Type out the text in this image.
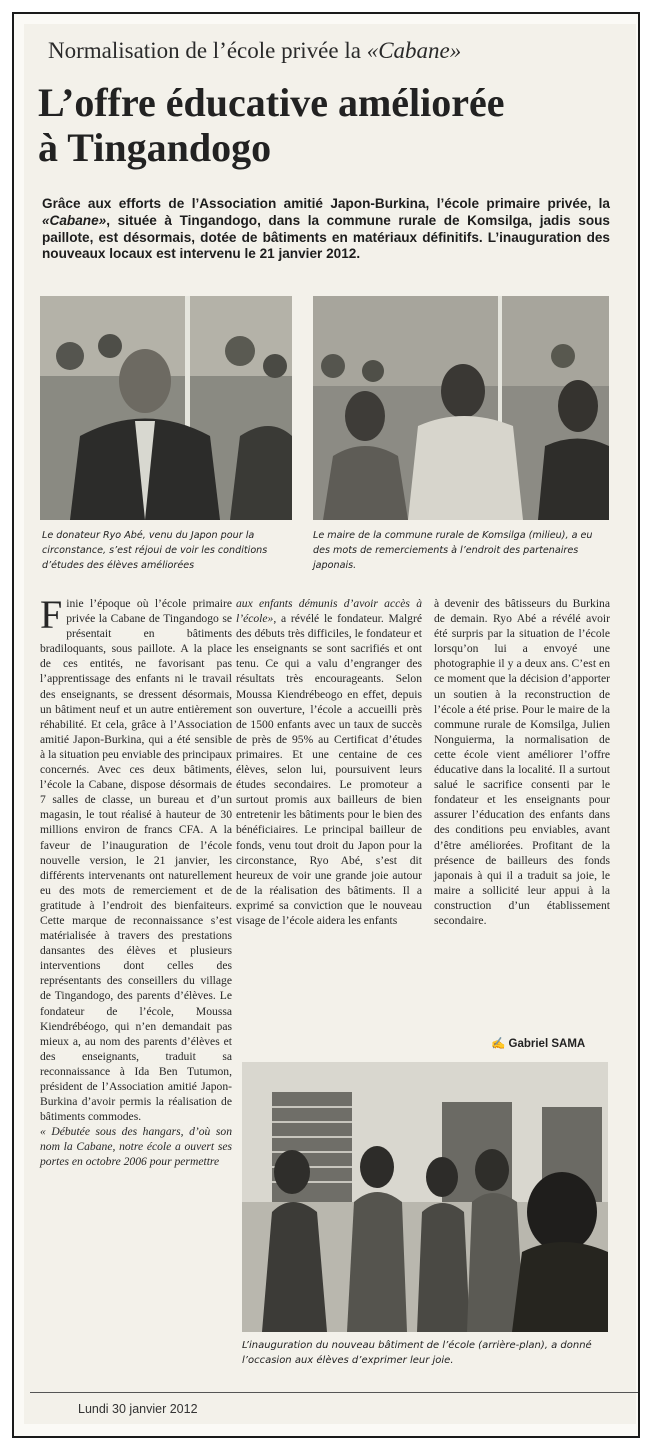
Normalisation de l’école privée la «Cabane»
L’offre éducative améliorée
à Tingandogo
Grâce aux efforts de l’Association amitié Japon-Burkina, l’école primaire privée, la «Cabane», située à Tingandogo, dans la commune rurale de Komsilga, jadis sous paillote, est désormais, dotée de bâtiments en matériaux définitifs. L’inauguration des nouveaux locaux est intervenu le 21 janvier 2012.
Le donateur Ryo Abé, venu du Japon pour la circonstance, s’est réjoui de voir les conditions d’études des élèves améliorées
Le maire de la commune rurale de Komsilga (milieu), a eu des mots de remerciements à l’endroit des partenaires japonais.

Finie l’époque où l’école primaire privée la Cabane de Tingandogo se présentait en bâtiments bradiloquants, sous paillote. A la place de ces entités, ne favorisant pas l’apprentissage des enfants ni le travail des enseignants, se dressent désormais, un bâtiment neuf et un autre entièrement réhabilité. Et cela, grâce à l’Association amitié Japon-Burkina, qui a été sensible à la situation peu enviable des principaux concernés. Avec ces deux bâtiments, l’école la Cabane, dispose désormais de 7 salles de classe, un bureau et d’un magasin, le tout réalisé à hauteur de 30 millions environ de francs CFA. A la faveur de l’inauguration de l’école nouvelle version, le 21 janvier, les différents intervenants ont naturellement eu des mots de remerciement et de gratitude à l’endroit des bienfaiteurs. Cette marque de reconnaissance s’est matérialisée à travers des prestations dansantes des élèves et plusieurs interventions dont celles des représentants des conseillers du village de Tingandogo, des parents d’élèves. Le fondateur de l’école, Moussa Kiendrébéogo, qui n’en demandait pas mieux a, au nom des parents d’élèves et des enseignants, traduit sa reconnaissance à Ida Ben Tutumon, président de l’Association amitié Japon-Burkina d’avoir permis la réalisation de bâtiments commodes.
« Débutée sous des hangars, d’où son nom la Cabane, notre école a ouvert ses portes en octobre 2006 pour permettre

aux enfants démunis d’avoir accès à l’école», a révélé le fondateur. Malgré des débuts très difficiles, le fondateur et les enseignants se sont sacrifiés et ont tenu. Ce qui a valu d’engranger des résultats très encourageants. Selon Moussa Kiendrébeogo en effet, depuis son ouverture, l’école a accueilli près de 1500 enfants avec un taux de succès de près de 95% au Certificat d’études primaires. Et une centaine de ces élèves, selon lui, poursuivent leurs études secondaires. Le promoteur a surtout promis aux bailleurs de bien entretenir les bâtiments pour le bien des bénéficiaires. Le principal bailleur de fonds, venu tout droit du Japon pour la circonstance, Ryo Abé, s’est dit heureux de voir une grande joie autour de la réalisation des bâtiments. Il a exprimé sa conviction que le nouveau visage de l’école aidera les enfants

à devenir des bâtisseurs du Burkina de demain. Ryo Abé a révélé avoir été surpris par la situation de l’école lorsqu’on lui a envoyé une photographie il y a deux ans. C’est en ce moment que la décision d’apporter un soutien à la reconstruction de l’école a été prise. Pour le maire de la commune rurale de Komsilga, Julien Nonguierma, la normalisation de cette école vient améliorer l’offre éducative dans la localité. Il a surtout salué le sacrifice consenti par le fondateur et les enseignants pour assurer l’éducation des enfants dans des conditions peu enviables, avant d’être améliorées. Profitant de la présence de bailleurs des fonds japonais à qui il a traduit sa joie, le maire a sollicité leur appui à la construction d’un établissement secondaire.

✍ Gabriel SAMA
L’inauguration du nouveau bâtiment de l’école (arrière-plan), a donné l’occasion aux élèves d’exprimer leur joie.
Lundi 30 janvier 2012
